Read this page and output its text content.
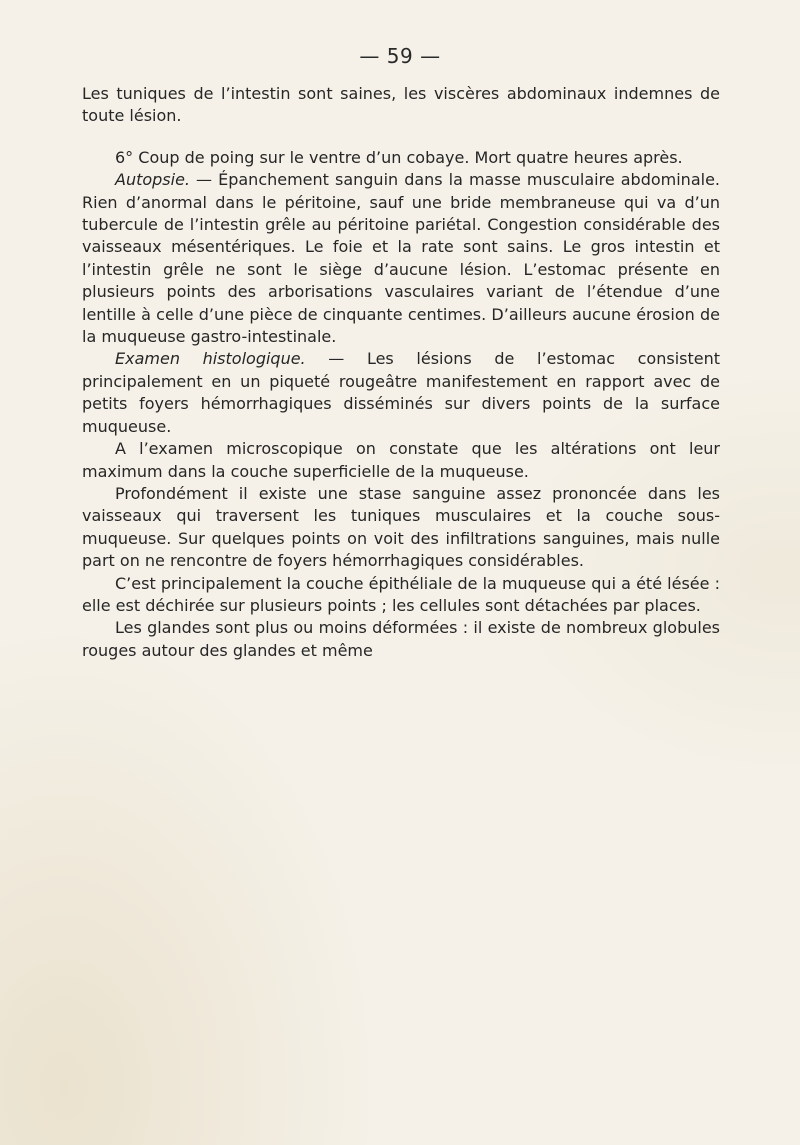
— 59 —

Les tuniques de l’intestin sont saines, les viscères abdominaux indemnes de toute lésion.

6° Coup de poing sur le ventre d’un cobaye. Mort quatre heures après.

Autopsie. — Épanchement sanguin dans la masse musculaire abdominale. Rien d’anormal dans le péritoine, sauf une bride membraneuse qui va d’un tubercule de l’intestin grêle au péritoine pariétal. Congestion considérable des vaisseaux mésentériques. Le foie et la rate sont sains. Le gros intestin et l’intestin grêle ne sont le siège d’aucune lésion. L’estomac présente en plusieurs points des arborisations vasculaires variant de l’étendue d’une lentille à celle d’une pièce de cinquante centimes. D’ailleurs aucune érosion de la muqueuse gastro-intestinale.

Examen histologique. — Les lésions de l’estomac consistent principalement en un piqueté rougeâtre manifestement en rapport avec de petits foyers hémorrhagiques disséminés sur divers points de la surface muqueuse.

A l’examen microscopique on constate que les altérations ont leur maximum dans la couche superficielle de la muqueuse.

Profondément il existe une stase sanguine assez prononcée dans les vaisseaux qui traversent les tuniques musculaires et la couche sous-muqueuse. Sur quelques points on voit des infiltrations sanguines, mais nulle part on ne rencontre de foyers hémorrhagiques considérables.

C’est principalement la couche épithéliale de la muqueuse qui a été lésée : elle est déchirée sur plusieurs points ; les cellules sont détachées par places.

Les glandes sont plus ou moins déformées : il existe de nombreux globules rouges autour des glandes et même
